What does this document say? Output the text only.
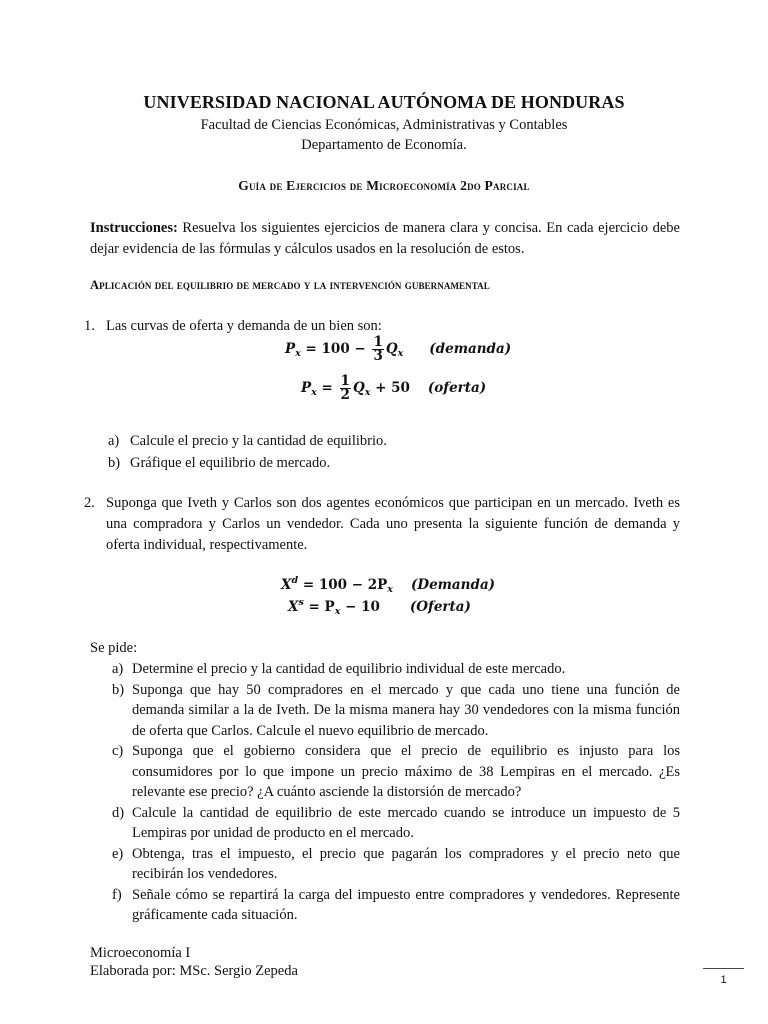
UNIVERSIDAD NACIONAL AUTÓNOMA DE HONDURAS
Facultad de Ciencias Económicas, Administrativas y Contables
Departamento de Economía.
Guía de Ejercicios de Microeconomía 2do Parcial
Instrucciones: Resuelva los siguientes ejercicios de manera clara y concisa. En cada ejercicio debe dejar evidencia de las fórmulas y cálculos usados en la resolución de estos.
Aplicación del equilibrio de mercado y la intervención gubernamental
1. Las curvas de oferta y demanda de un bien son:
$P_x = 100 - \frac{1}{3} Q_x$ (demanda)
$P_x = \frac{1}{2} Q_x + 50$ (oferta)
a) Calcule el precio y la cantidad de equilibrio.
b) Gráfique el equilibrio de mercado.
2. Suponga que Iveth y Carlos son dos agentes económicos que participan en un mercado. Iveth es una compradora y Carlos un vendedor. Cada uno presenta la siguiente función de demanda y oferta individual, respectivamente.
$X^d = 100 - 2P_x$ (Demanda)
$X^s = P_x - 10$ (Oferta)
Se pide:
a) Determine el precio y la cantidad de equilibrio individual de este mercado.
b) Suponga que hay 50 compradores en el mercado y que cada uno tiene una función de demanda similar a la de Iveth. De la misma manera hay 30 vendedores con la misma función de oferta que Carlos. Calcule el nuevo equilibrio de mercado.
c) Suponga que el gobierno considera que el precio de equilibrio es injusto para los consumidores por lo que impone un precio máximo de 38 Lempiras en el mercado. ¿Es relevante ese precio? ¿A cuánto asciende la distorsión de mercado?
d) Calcule la cantidad de equilibrio de este mercado cuando se introduce un impuesto de 5 Lempiras por unidad de producto en el mercado.
e) Obtenga, tras el impuesto, el precio que pagarán los compradores y el precio neto que recibirán los vendedores.
f) Señale cómo se repartirá la carga del impuesto entre compradores y vendedores. Represente gráficamente cada situación.
Microeconomía I
Elaborada por: MSc. Sergio Zepeda
1
